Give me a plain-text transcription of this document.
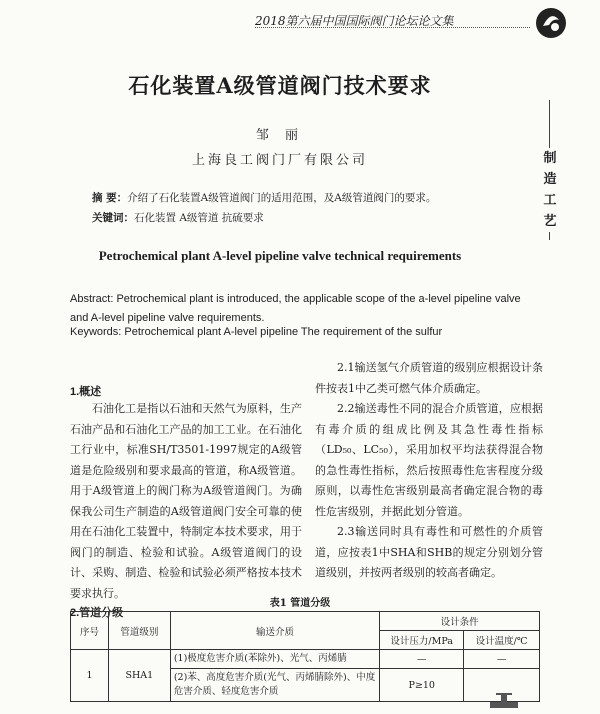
2018第六届中国国际阀门论坛论文集
制造工艺
石化装置A级管道阀门技术要求
邹 丽
上海良工阀门厂有限公司
摘 要：介绍了石化装置A级管道阀门的适用范围，及A级管道阀门的要求。
关键词：石化装置 A级管道 抗硫要求
Petrochemical plant A-level pipeline valve technical requirements
Abstract: Petrochemical plant is introduced, the applicable scope of the a-level pipeline valve and A-level pipeline valve requirements.
Keywords: Petrochemical plant A-level pipeline The requirement of the sulfur
1.概述

石油化工是指以石油和天然气为原料，生产石油产品和石油化工产品的加工工业。在石油化工行业中，标准SH/T3501-1997规定的A级管道是危险级别和要求最高的管道，称A级管道。用于A级管道上的阀门称为A级管道阀门。为确保我公司生产制造的A级管道阀门安全可靠的使用在石油化工装置中，特制定本技术要求，用于阀门的制造、检验和试验。A级管道阀门的设计、采购、制造、检验和试验必须严格按本技术要求执行。

2.管道分级

2.1输送氢气介质管道的级别应根据设计条件按表1中乙类可燃气体介质确定。

2.2输送毒性不同的混合介质管道，应根据有毒介质的组成比例及其急性毒性指标（LD₅₀、LC₅₀），采用加权平均法获得混合物的急性毒性指标，然后按照毒性危害程度分级原则，以毒性危害级别最高者确定混合物的毒性危害级别，并据此划分管道。

2.3输送同时具有毒性和可燃性的介质管道，应按表1中SHA和SHB的规定分别划分管道级别，并按两者级别的较高者确定。

表1 管道分级
序号	管道级别	输送介质	设计条件	
			设计压力/MPa	设计温度/℃
1	SHA1	(1)极度危害介质(苯除外)、光气、丙烯腈	—	—
		(2)苯、高度危害介质(光气、丙烯腈除外)、中度危害介质、轻度危害介质	P≥10	
